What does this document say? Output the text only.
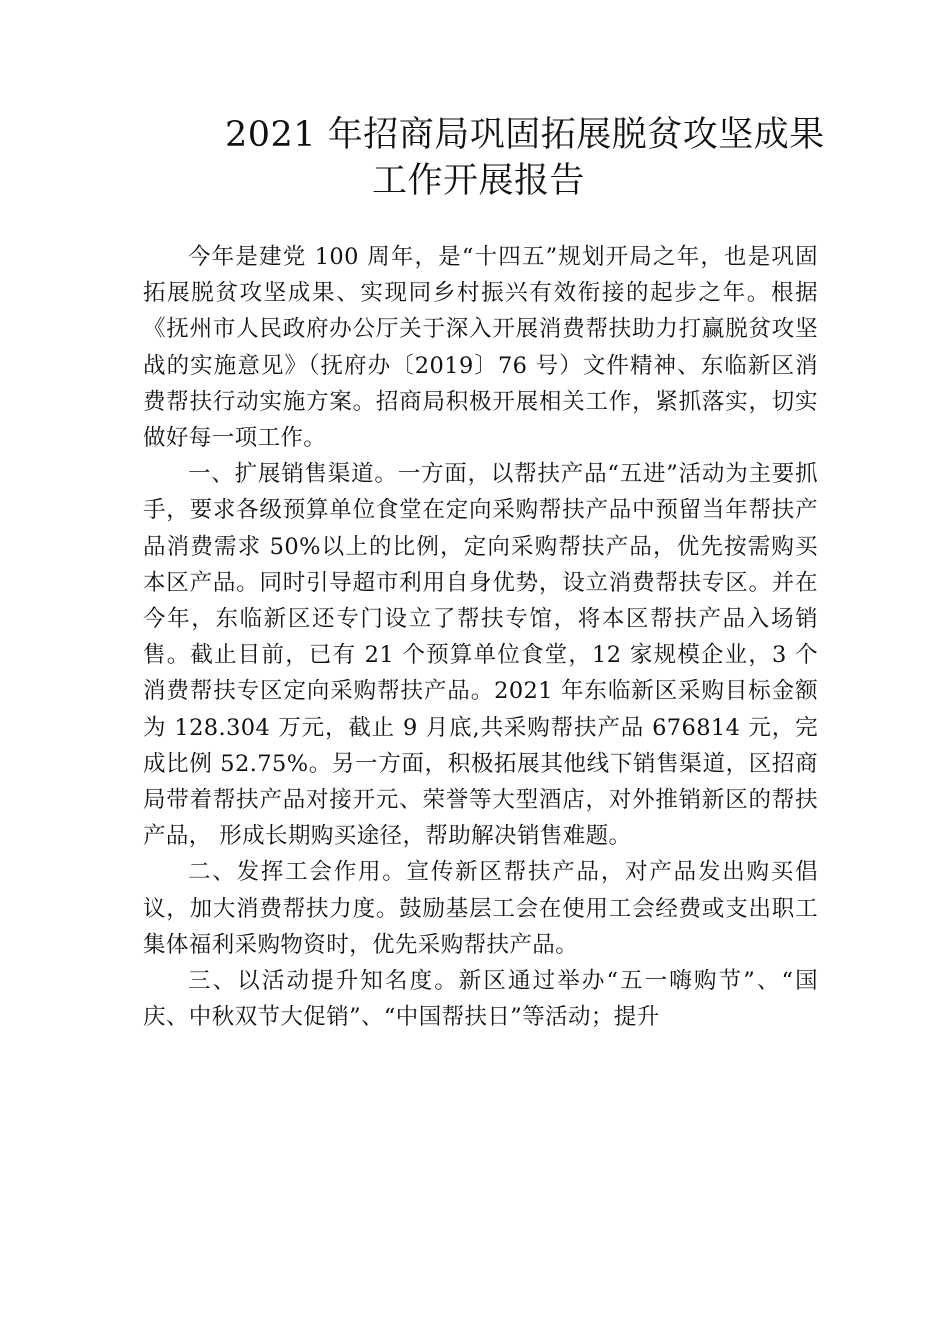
2021 年招商局巩固拓展脱贫攻坚成果
工作开展报告

今年是建党 100 周年，是“十四五”规划开局之年，也是巩固拓展脱贫攻坚成果、实现同乡村振兴有效衔接的起步之年。根据《抚州市人民政府办公厅关于深入开展消费帮扶助力打赢脱贫攻坚战的实施意见》（抚府办〔2019〕76 号）文件精神、东临新区消费帮扶行动实施方案。招商局积极开展相关工作，紧抓落实，切实做好每一项工作。

一、扩展销售渠道。一方面，以帮扶产品“五进”活动为主要抓手，要求各级预算单位食堂在定向采购帮扶产品中预留当年帮扶产品消费需求 50%以上的比例，定向采购帮扶产品，优先按需购买本区产品。同时引导超市利用自身优势，设立消费帮扶专区。并在今年，东临新区还专门设立了帮扶专馆，将本区帮扶产品入场销售。截止目前，已有 21 个预算单位食堂，12 家规模企业，3 个消费帮扶专区定向采购帮扶产品。2021 年东临新区采购目标金额为 128.304 万元，截止 9 月底,共采购帮扶产品 676814 元，完成比例 52.75%。另一方面，积极拓展其他线下销售渠道，区招商局带着帮扶产品对接开元、荣誉等大型酒店，对外推销新区的帮扶产品， 形成长期购买途径，帮助解决销售难题。

二、发挥工会作用。宣传新区帮扶产品，对产品发出购买倡议，加大消费帮扶力度。鼓励基层工会在使用工会经费或支出职工集体福利采购物资时，优先采购帮扶产品。

三、以活动提升知名度。新区通过举办“五一嗨购节”、“国庆、中秋双节大促销”、“中国帮扶日”等活动；提升
